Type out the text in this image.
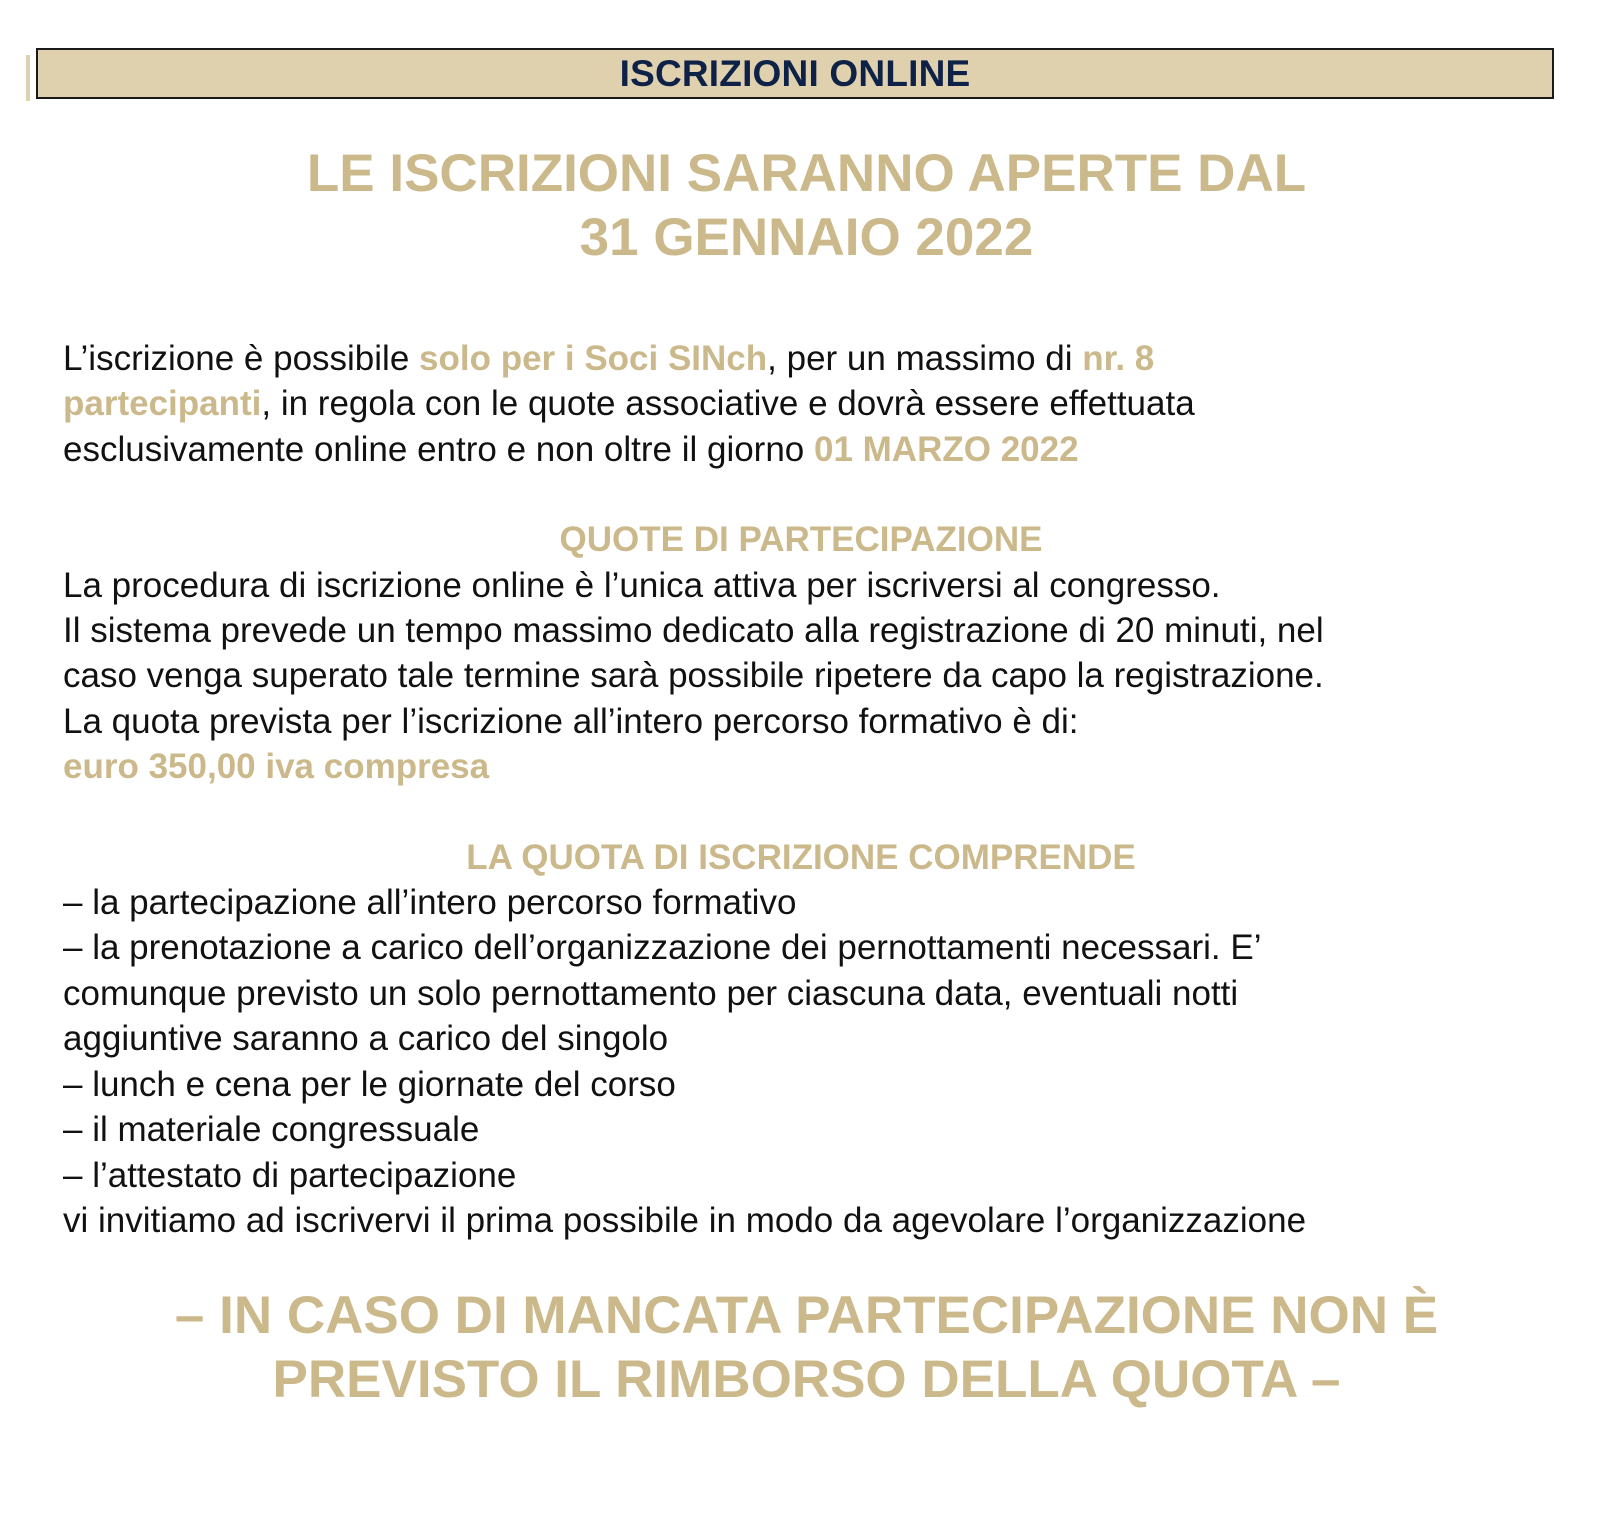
ISCRIZIONI ONLINE
LE ISCRIZIONI SARANNO APERTE DAL
31 GENNAIO 2022
L’iscrizione è possibile solo per i Soci SINch, per un massimo di nr. 8
partecipanti, in regola con le quote associative e dovrà essere effettuata
esclusivamente online entro e non oltre il giorno 01 MARZO 2022
QUOTE DI PARTECIPAZIONE
La procedura di iscrizione online è l’unica attiva per iscriversi al congresso.
Il sistema prevede un tempo massimo dedicato alla registrazione di 20 minuti, nel
caso venga superato tale termine sarà possibile ripetere da capo la registrazione.
La quota prevista per l’iscrizione all’intero percorso formativo è di:
euro 350,00 iva compresa
LA QUOTA DI ISCRIZIONE COMPRENDE
– la partecipazione all’intero percorso formativo
– la prenotazione a carico dell’organizzazione dei pernottamenti necessari. E’
comunque previsto un solo pernottamento per ciascuna data, eventuali notti
aggiuntive saranno a carico del singolo
– lunch e cena per le giornate del corso
– il materiale congressuale
– l’attestato di partecipazione
vi invitiamo ad iscrivervi il prima possibile in modo da agevolare l’organizzazione
– IN CASO DI MANCATA PARTECIPAZIONE NON È
PREVISTO IL RIMBORSO DELLA QUOTA –
